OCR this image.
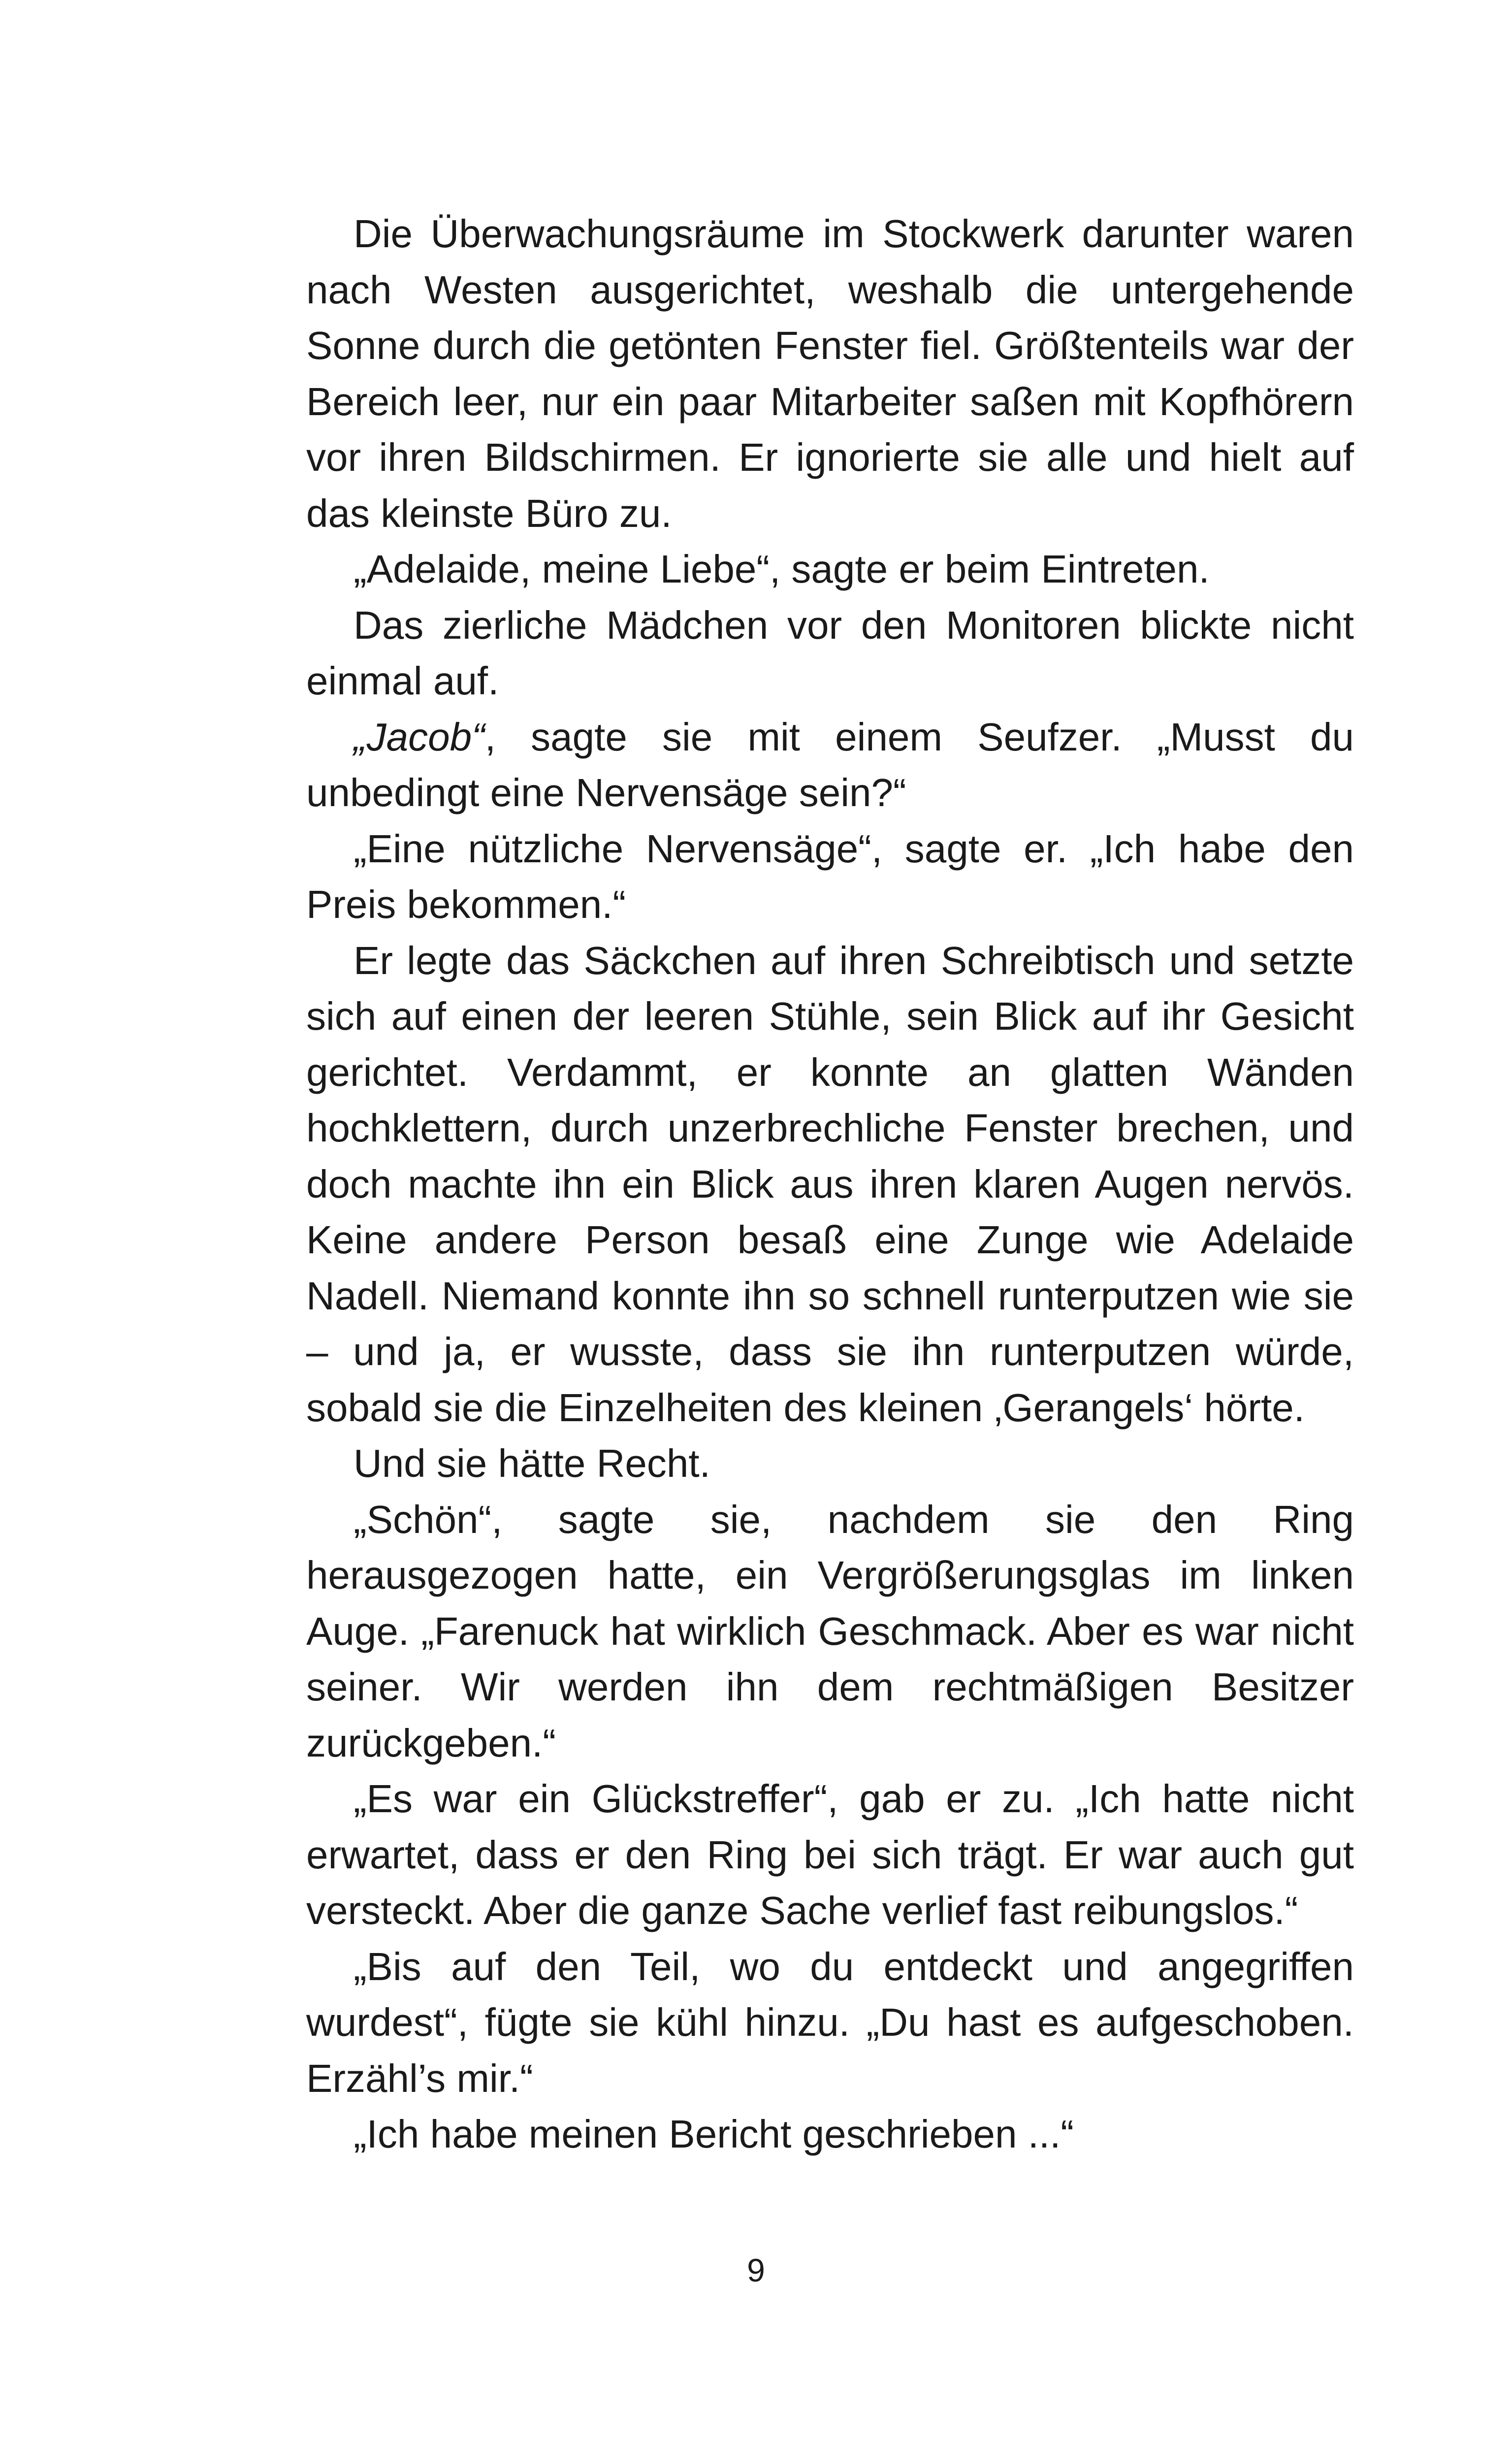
Die Überwachungsräume im Stockwerk darunter waren nach Westen ausgerichtet, weshalb die untergehende Sonne durch die getönten Fenster fiel. Größtenteils war der Bereich leer, nur ein paar Mitarbeiter saßen mit Kopfhörern vor ihren Bildschirmen. Er ignorierte sie alle und hielt auf das kleinste Büro zu.

„Adelaide, meine Liebe“, sagte er beim Eintreten.

Das zierliche Mädchen vor den Monitoren blickte nicht einmal auf.

„Jacob“, sagte sie mit einem Seufzer. „Musst du unbedingt eine Nervensäge sein?“

„Eine nützliche Nervensäge“, sagte er. „Ich habe den Preis bekommen.“

Er legte das Säckchen auf ihren Schreibtisch und setzte sich auf einen der leeren Stühle, sein Blick auf ihr Gesicht gerichtet. Verdammt, er konnte an glatten Wänden hochklettern, durch unzerbrechliche Fenster brechen, und doch machte ihn ein Blick aus ihren klaren Augen nervös. Keine andere Person besaß eine Zunge wie Adelaide Nadell. Niemand konnte ihn so schnell runterputzen wie sie – und ja, er wusste, dass sie ihn runterputzen würde, sobald sie die Einzelheiten des kleinen ‚Gerangels‘ hörte.

Und sie hätte Recht.

„Schön“, sagte sie, nachdem sie den Ring herausgezogen hatte, ein Vergrößerungsglas im linken Auge. „Farenuck hat wirklich Geschmack. Aber es war nicht seiner. Wir werden ihn dem rechtmäßigen Besitzer zurückgeben.“

„Es war ein Glückstreffer“, gab er zu. „Ich hatte nicht erwartet, dass er den Ring bei sich trägt. Er war auch gut versteckt. Aber die ganze Sache verlief fast reibungslos.“

„Bis auf den Teil, wo du entdeckt und angegriffen wurdest“, fügte sie kühl hinzu. „Du hast es aufgeschoben. Erzähl’s mir.“

„Ich habe meinen Bericht geschrieben ...“

9
